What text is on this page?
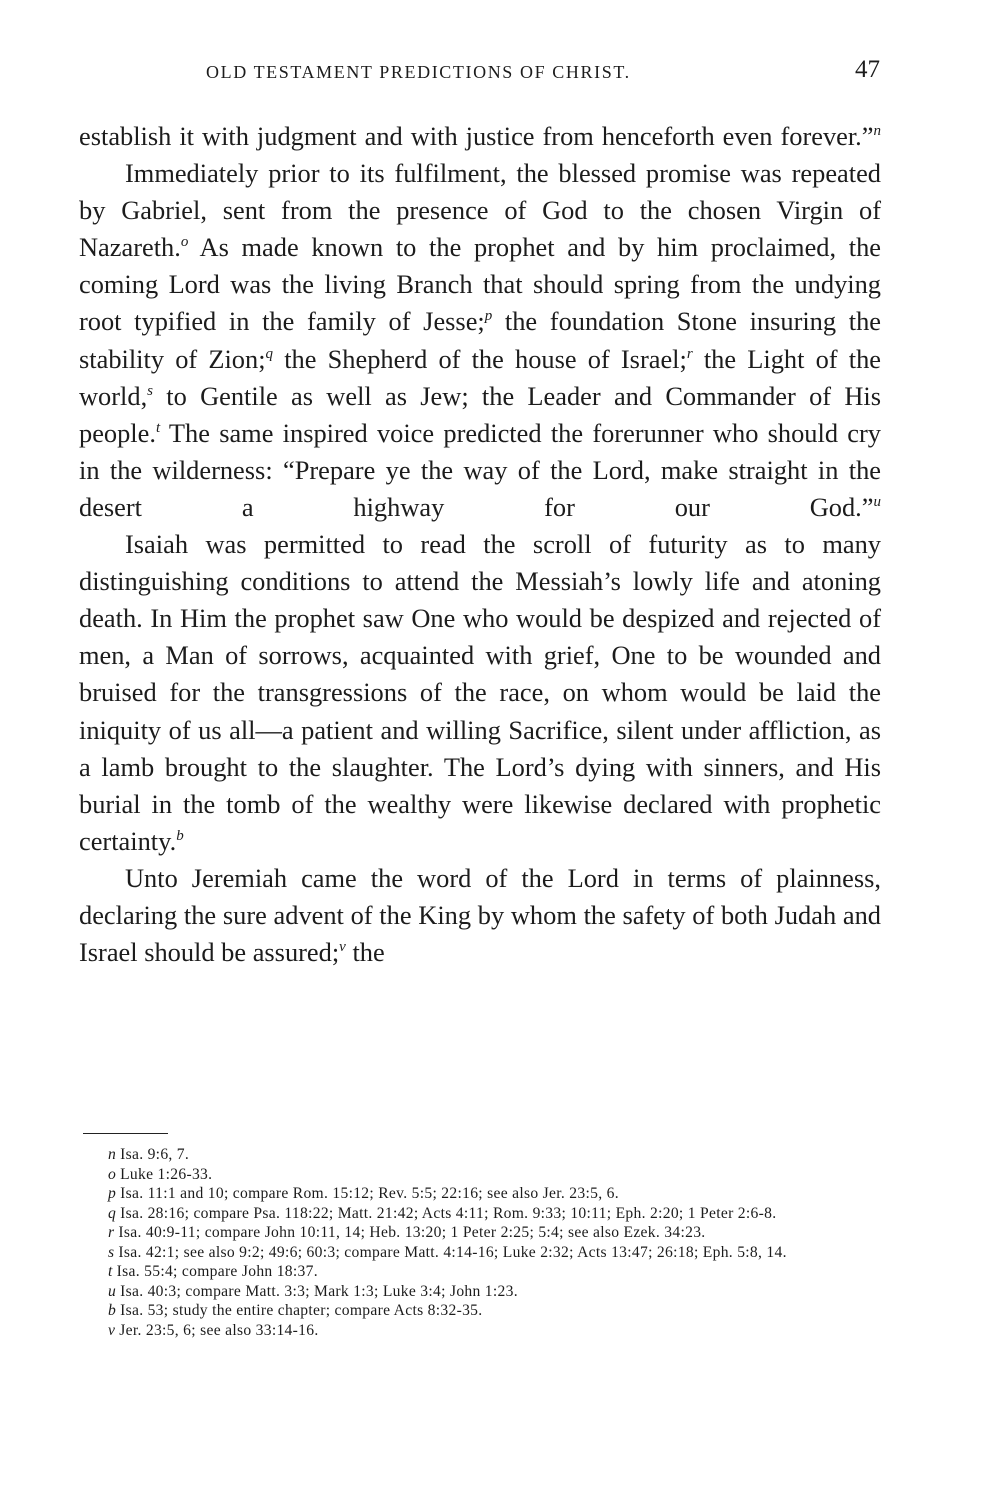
OLD TESTAMENT PREDICTIONS OF CHRIST.	47

establish it with judgment and with justice from henceforth even forever.”$^n$

Immediately prior to its fulfilment, the blessed promise was repeated by Gabriel, sent from the presence of God to the chosen Virgin of Nazareth.$^o$ As made known to the prophet and by him proclaimed, the coming Lord was the living Branch that should spring from the undying root typified in the family of Jesse;$^p$ the foundation Stone insuring the stability of Zion;$^q$ the Shepherd of the house of Israel;$^r$ the Light of the world,$^s$ to Gentile as well as Jew; the Leader and Commander of His people.$^t$ The same inspired voice predicted the forerunner who should cry in the wilderness: “Prepare ye the way of the Lord, make straight in the desert a highway for our God.”$^u$

Isaiah was permitted to read the scroll of futurity as to many distinguishing conditions to attend the Messiah’s lowly life and atoning death. In Him the prophet saw One who would be despized and rejected of men, a Man of sorrows, acquainted with grief, One to be wounded and bruised for the transgressions of the race, on whom would be laid the iniquity of us all—a patient and willing Sacrifice, silent under affliction, as a lamb brought to the slaughter. The Lord’s dying with sinners, and His burial in the tomb of the wealthy were likewise declared with prophetic certainty.$^b$

Unto Jeremiah came the word of the Lord in terms of plainness, declaring the sure advent of the King by whom the safety of both Judah and Israel should be assured;$^v$ the

n Isa. 9:6, 7.

o Luke 1:26-33.

p Isa. 11:1 and 10; compare Rom. 15:12; Rev. 5:5; 22:16; see also Jer. 23:5, 6.

q Isa. 28:16; compare Psa. 118:22; Matt. 21:42; Acts 4:11; Rom. 9:33; 10:11; Eph. 2:20; 1 Peter 2:6-8.

r Isa. 40:9-11; compare John 10:11, 14; Heb. 13:20; 1 Peter 2:25; 5:4; see also Ezek. 34:23.

s Isa. 42:1; see also 9:2; 49:6; 60:3; compare Matt. 4:14-16; Luke 2:32; Acts 13:47; 26:18; Eph. 5:8, 14.

t Isa. 55:4; compare John 18:37.

u Isa. 40:3; compare Matt. 3:3; Mark 1:3; Luke 3:4; John 1:23.

b Isa. 53; study the entire chapter; compare Acts 8:32-35.

v Jer. 23:5, 6; see also 33:14-16.
